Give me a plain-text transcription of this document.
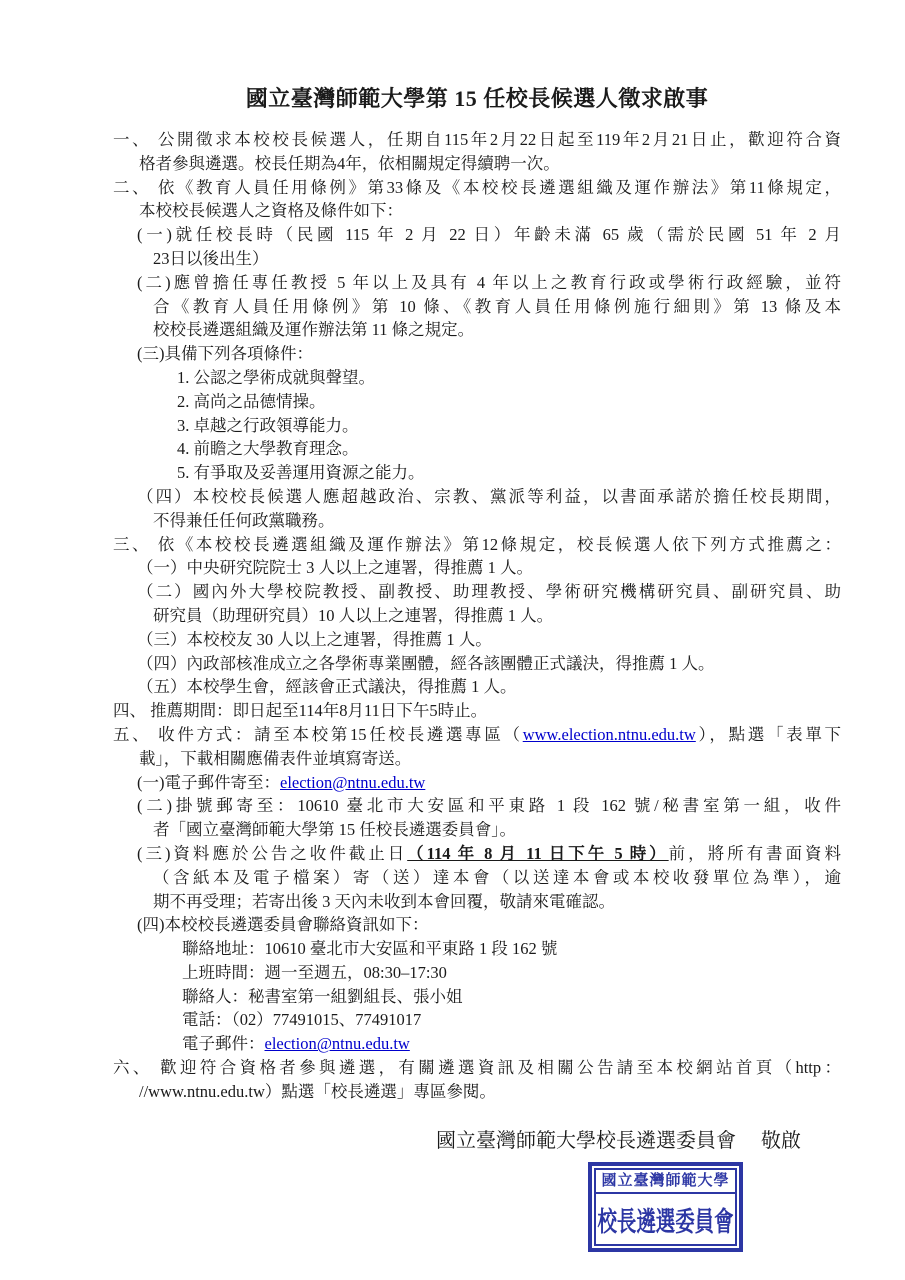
國立臺灣師範大學第 15 任校長候選人徵求啟事
一、 公開徵求本校校長候選人，任期自115年2月22日起至119年2月21日止，歡迎符合資
格者參與遴選。校長任期為4年，依相關規定得續聘一次。
二、 依《教育人員任用條例》第33條及《本校校長遴選組織及運作辦法》第11條規定，
本校校長候選人之資格及條件如下：
(一)就任校長時（民國 115 年 2 月 22 日）年齡未滿 65 歲（需於民國 51 年 2 月
23日以後出生）
(二)應曾擔任專任教授 5 年以上及具有 4 年以上之教育行政或學術行政經驗，並符
合《教育人員任用條例》第 10 條、《教育人員任用條例施行細則》第 13 條及本
校校長遴選組織及運作辦法第 11 條之規定。
(三)具備下列各項條件：
1. 公認之學術成就與聲望。
2. 高尚之品德情操。
3. 卓越之行政領導能力。
4. 前瞻之大學教育理念。
5. 有爭取及妥善運用資源之能力。
（四）本校校長候選人應超越政治、宗教、黨派等利益，以書面承諾於擔任校長期間，
不得兼任任何政黨職務。
三、 依《本校校長遴選組織及運作辦法》第12條規定，校長候選人依下列方式推薦之：
（一）中央研究院院士 3 人以上之連署，得推薦 1 人。
（二）國內外大學校院教授、副教授、助理教授、學術研究機構研究員、副研究員、助
研究員（助理研究員）10 人以上之連署，得推薦 1 人。
（三）本校校友 30 人以上之連署，得推薦 1 人。
（四）內政部核准成立之各學術專業團體，經各該團體正式議決，得推薦 1 人。
（五）本校學生會，經該會正式議決，得推薦 1 人。
四、 推薦期間：即日起至114年8月11日下午5時止。
五、 收件方式：請至本校第15任校長遴選專區（www.election.ntnu.edu.tw），點選「表單下
載」，下載相關應備表件並填寫寄送。
(一)電子郵件寄至：election@ntnu.edu.tw
(二)掛號郵寄至：10610 臺北市大安區和平東路 1 段 162 號/秘書室第一組，收件
者「國立臺灣師範大學第 15 任校長遴選委員會」。
(三)資料應於公告之收件截止日（114 年 8 月 11 日下午 5 時）前，將所有書面資料
（含紙本及電子檔案）寄（送）達本會（以送達本會或本校收發單位為準），逾
期不再受理；若寄出後 3 天內未收到本會回覆，敬請來電確認。
(四)本校校長遴選委員會聯絡資訊如下：
聯絡地址：10610 臺北市大安區和平東路 1 段 162 號
上班時間：週一至週五，08:30–17:30
聯絡人：秘書室第一組劉組長、張小姐
電話：（02）77491015、77491017
電子郵件：election@ntnu.edu.tw
六、 歡迎符合資格者參與遴選，有關遴選資訊及相關公告請至本校網站首頁（http：
//www.ntnu.edu.tw）點選「校長遴選」專區參閱。
國立臺灣師範大學校長遴選委員會　 敬啟
國立臺灣師範大學
校長遴選委員會
